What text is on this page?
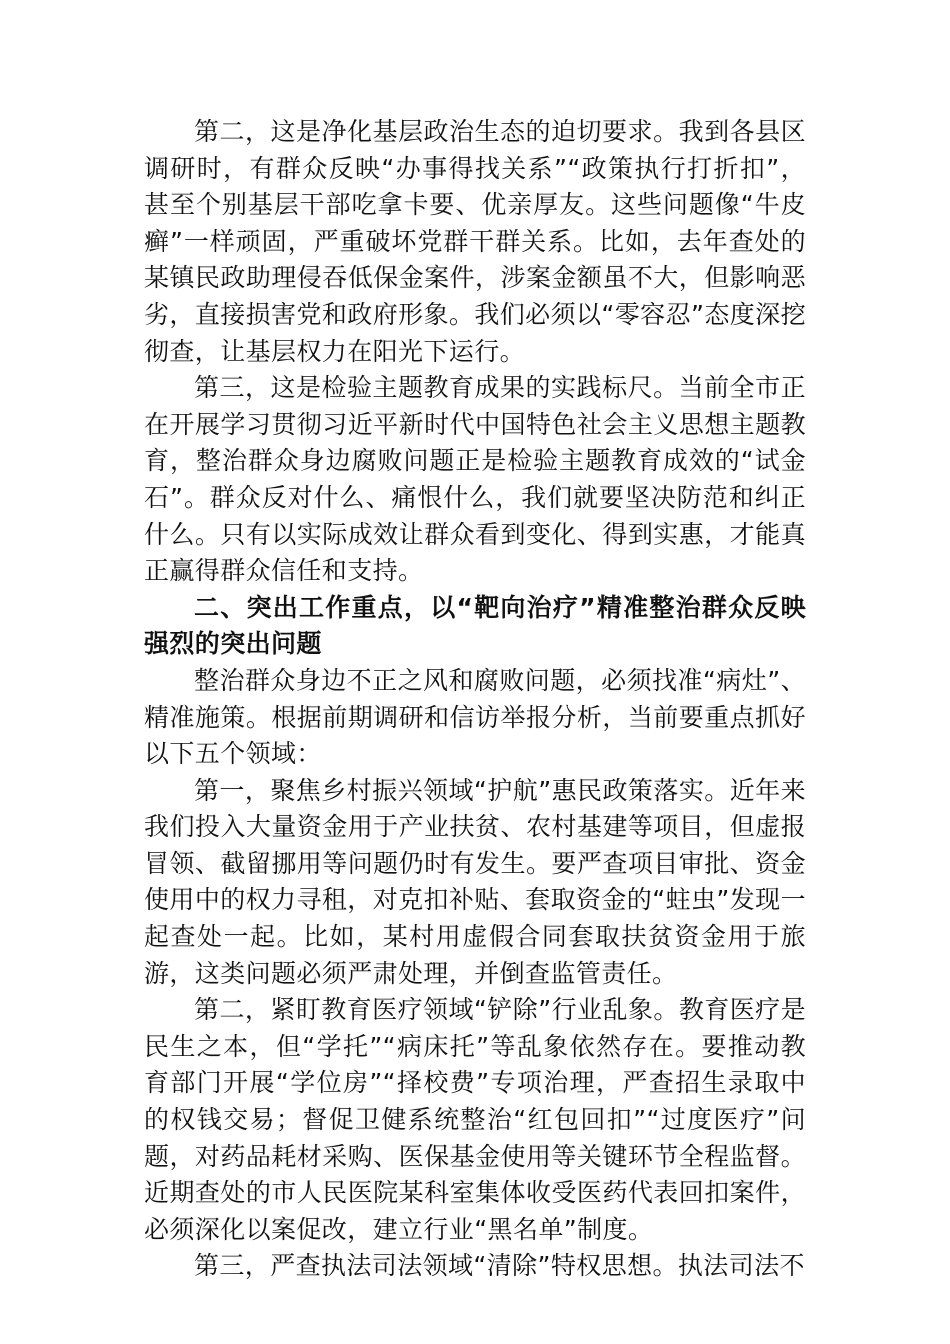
第二，这是净化基层政治生态的迫切要求。我到各县区调研时，有群众反映“办事得找关系”“政策执行打折扣”，甚至个别基层干部吃拿卡要、优亲厚友。这些问题像“牛皮癣”一样顽固，严重破坏党群干群关系。比如，去年查处的某镇民政助理侵吞低保金案件，涉案金额虽不大，但影响恶劣，直接损害党和政府形象。我们必须以“零容忍”态度深挖彻查，让基层权力在阳光下运行。

第三，这是检验主题教育成果的实践标尺。当前全市正在开展学习贯彻习近平新时代中国特色社会主义思想主题教育，整治群众身边腐败问题正是检验主题教育成效的“试金石”。群众反对什么、痛恨什么，我们就要坚决防范和纠正什么。只有以实际成效让群众看到变化、得到实惠，才能真正赢得群众信任和支持。

二、突出工作重点，以“靶向治疗”精准整治群众反映强烈的突出问题

整治群众身边不正之风和腐败问题，必须找准“病灶”、精准施策。根据前期调研和信访举报分析，当前要重点抓好以下五个领域：

第一，聚焦乡村振兴领域“护航”惠民政策落实。近年来我们投入大量资金用于产业扶贫、农村基建等项目，但虚报冒领、截留挪用等问题仍时有发生。要严查项目审批、资金使用中的权力寻租，对克扣补贴、套取资金的“蛀虫”发现一起查处一起。比如，某村用虚假合同套取扶贫资金用于旅游，这类问题必须严肃处理，并倒查监管责任。

第二，紧盯教育医疗领域“铲除”行业乱象。教育医疗是民生之本，但“学托”“病床托”等乱象依然存在。要推动教育部门开展“学位房”“择校费”专项治理，严查招生录取中的权钱交易；督促卫健系统整治“红包回扣”“过度医疗”问题，对药品耗材采购、医保基金使用等关键环节全程监督。近期查处的市人民医院某科室集体收受医药代表回扣案件，必须深化以案促改，建立行业“黑名单”制度。

第三，严查执法司法领域“清除”特权思想。执法司法不
